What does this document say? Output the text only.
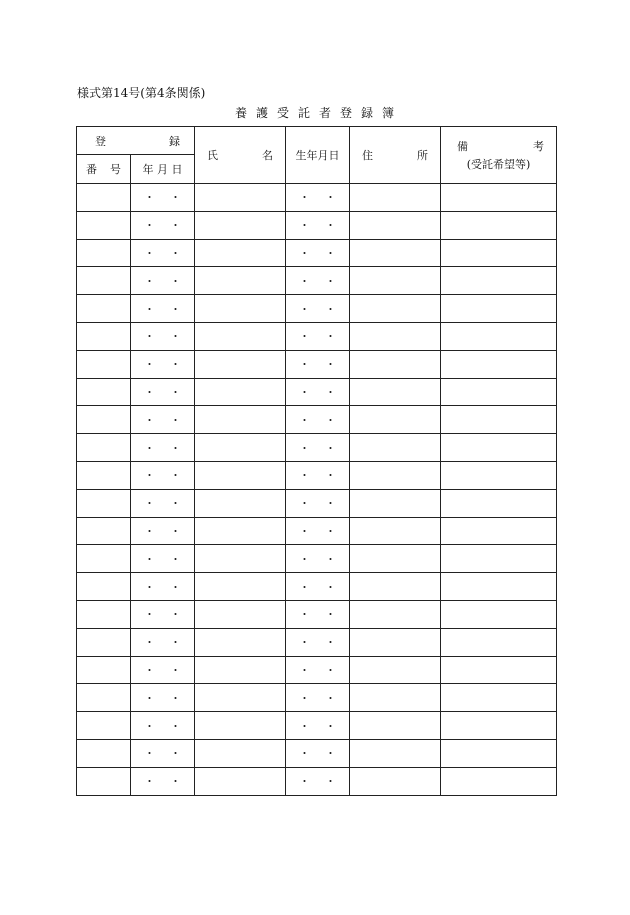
様式第14号(第4条関係)
養護受託者登録簿
登 録		氏 名	生年月日	住 所	備 考
(受託希望等)

番 号	年 月 日				
	・ ・		・ ・		
	・ ・		・ ・		
	・ ・		・ ・		
	・ ・		・ ・		
	・ ・		・ ・		
	・ ・		・ ・		
	・ ・		・ ・		
	・ ・		・ ・		
	・ ・		・ ・		
	・ ・		・ ・		
	・ ・		・ ・		
	・ ・		・ ・		
	・ ・		・ ・		
	・ ・		・ ・		
	・ ・		・ ・		
	・ ・		・ ・		
	・ ・		・ ・		
	・ ・		・ ・		
	・ ・		・ ・		
	・ ・		・ ・		
	・ ・		・ ・		
	・ ・		・ ・		
